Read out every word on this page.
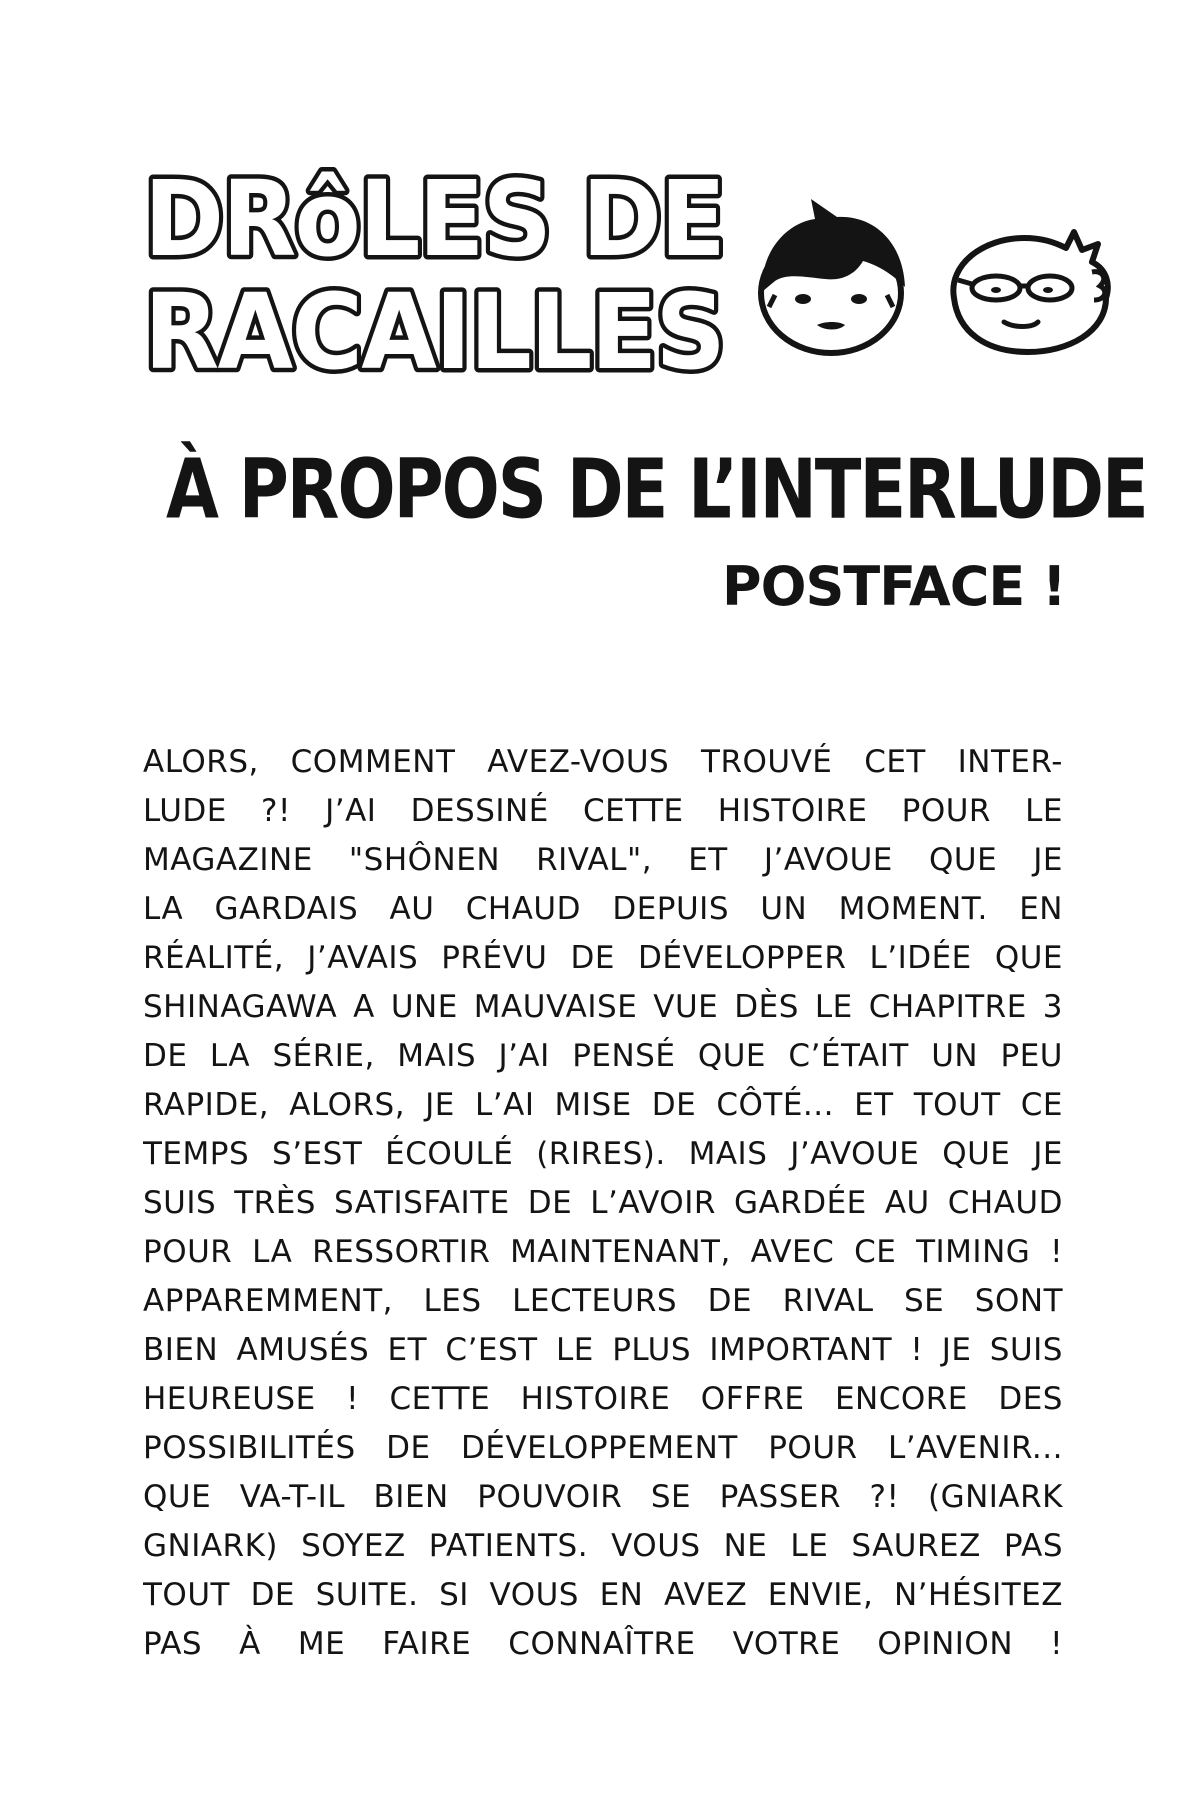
DRôLES DE
RACAILLES
À PROPOS DE L’INTERLUDE
POSTFACE !
ALORS, COMMENT AVEZ-VOUS TROUVÉ CET INTER-
LUDE ?! J’AI DESSINÉ CETTE HISTOIRE POUR LE
MAGAZINE "SHÔNEN RIVAL", ET J’AVOUE QUE JE
LA GARDAIS AU CHAUD DEPUIS UN MOMENT. EN
RÉALITÉ, J’AVAIS PRÉVU DE DÉVELOPPER L’IDÉE QUE
SHINAGAWA A UNE MAUVAISE VUE DÈS LE CHAPITRE 3
DE LA SÉRIE, MAIS J’AI PENSÉ QUE C’ÉTAIT UN PEU
RAPIDE, ALORS, JE L’AI MISE DE CÔTÉ... ET TOUT CE
TEMPS S’EST ÉCOULÉ (RIRES). MAIS J’AVOUE QUE JE
SUIS TRÈS SATISFAITE DE L’AVOIR GARDÉE AU CHAUD
POUR LA RESSORTIR MAINTENANT, AVEC CE TIMING !
APPAREMMENT, LES LECTEURS DE RIVAL SE SONT
BIEN AMUSÉS ET C’EST LE PLUS IMPORTANT ! JE SUIS
HEUREUSE ! CETTE HISTOIRE OFFRE ENCORE DES
POSSIBILITÉS DE DÉVELOPPEMENT POUR L’AVENIR...
QUE VA-T-IL BIEN POUVOIR SE PASSER ?! (GNIARK
GNIARK) SOYEZ PATIENTS. VOUS NE LE SAUREZ PAS
TOUT DE SUITE. SI VOUS EN AVEZ ENVIE, N’HÉSITEZ
PAS À ME FAIRE CONNAÎTRE VOTRE OPINION !
